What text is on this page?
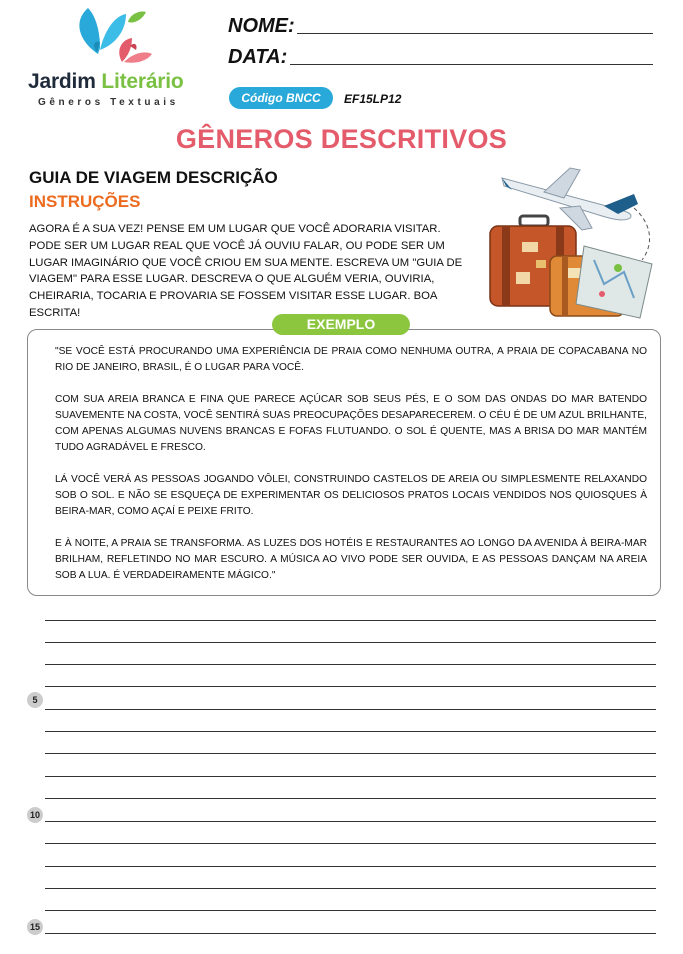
Jardim Literário
Gêneros Textuais
NOME:
DATA:
Código BNCC	EF15LP12
GÊNEROS DESCRITIVOS
GUIA DE VIAGEM DESCRIÇÃO
INSTRUÇÕES
AGORA É A SUA VEZ! PENSE EM UM LUGAR QUE VOCÊ ADORARIA VISITAR. PODE SER UM LUGAR REAL QUE VOCÊ JÁ OUVIU FALAR, OU PODE SER UM LUGAR IMAGINÁRIO QUE VOCÊ CRIOU EM SUA MENTE. ESCREVA UM "GUIA DE VIAGEM" PARA ESSE LUGAR. DESCREVA O QUE ALGUÉM VERIA, OUVIRIA, CHEIRARIA, TOCARIA E PROVARIA SE FOSSEM VISITAR ESSE LUGAR. BOA ESCRITA!
EXEMPLO
"SE VOCÊ ESTÁ PROCURANDO UMA EXPERIÊNCIA DE PRAIA COMO NENHUMA OUTRA, A PRAIA DE COPACABANA NO RIO DE JANEIRO, BRASIL, É O LUGAR PARA VOCÊ.
COM SUA AREIA BRANCA E FINA QUE PARECE AÇÚCAR SOB SEUS PÉS, E O SOM DAS ONDAS DO MAR BATENDO SUAVEMENTE NA COSTA, VOCÊ SENTIRÁ SUAS PREOCUPAÇÕES DESAPARECEREM. O CÉU É DE UM AZUL BRILHANTE, COM APENAS ALGUMAS NUVENS BRANCAS E FOFAS FLUTUANDO. O SOL É QUENTE, MAS A BRISA DO MAR MANTÉM TUDO AGRADÁVEL E FRESCO.
LÁ VOCÊ VERÁ AS PESSOAS JOGANDO VÔLEI, CONSTRUINDO CASTELOS DE AREIA OU SIMPLESMENTE RELAXANDO SOB O SOL. E NÃO SE ESQUEÇA DE EXPERIMENTAR OS DELICIOSOS PRATOS LOCAIS VENDIDOS NOS QUIOSQUES À BEIRA-MAR, COMO AÇAÍ E PEIXE FRITO.
E À NOITE, A PRAIA SE TRANSFORMA. AS LUZES DOS HOTÉIS E RESTAURANTES AO LONGO DA AVENIDA À BEIRA-MAR BRILHAM, REFLETINDO NO MAR ESCURO. A MÚSICA AO VIVO PODE SER OUVIDA, E AS PESSOAS DANÇAM NA AREIA SOB A LUA. É VERDADEIRAMENTE MÁGICO."
5
10
15
